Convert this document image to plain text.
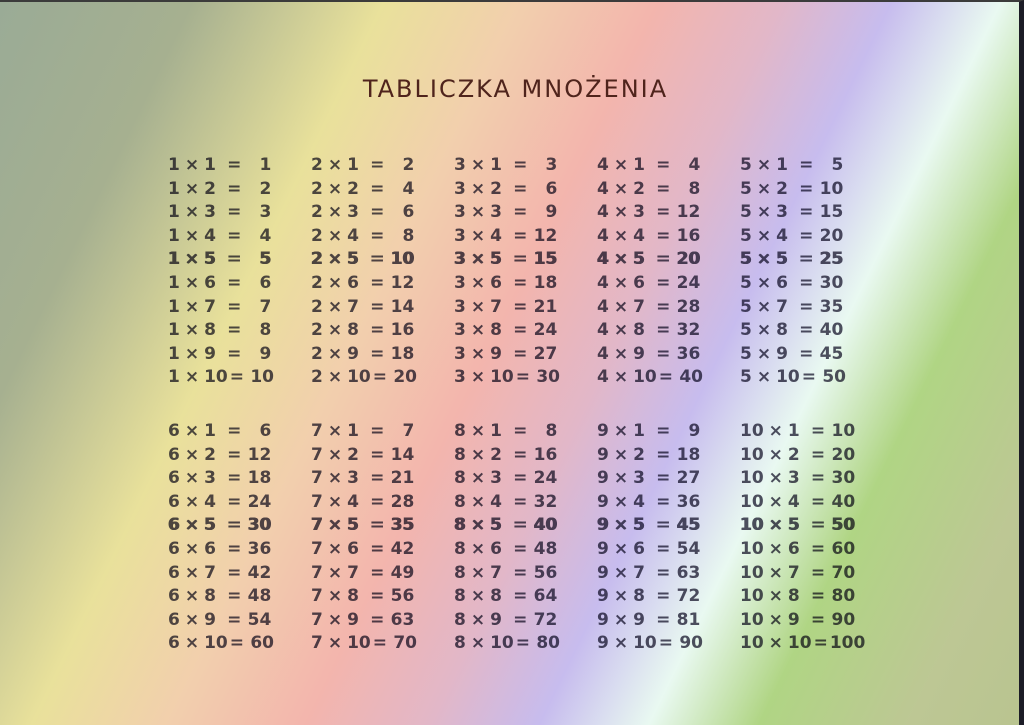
TABLICZKA MNOŻENIA
1 × 1 = 1
1 × 2 = 2
1 × 3 = 3
1 × 4 = 4
1 × 5 = 5
1 × 6 = 6
1 × 7 = 7
1 × 8 = 8
1 × 9 = 9
1 × 10 = 10
2 × 1 = 2
2 × 2 = 4
2 × 3 = 6
2 × 4 = 8
2 × 5 = 10
2 × 6 = 12
2 × 7 = 14
2 × 8 = 16
2 × 9 = 18
2 × 10 = 20
3 × 1 = 3
3 × 2 = 6
3 × 3 = 9
3 × 4 = 12
3 × 5 = 15
3 × 6 = 18
3 × 7 = 21
3 × 8 = 24
3 × 9 = 27
3 × 10 = 30
4 × 1 = 4
4 × 2 = 8
4 × 3 = 12
4 × 4 = 16
4 × 5 = 20
4 × 6 = 24
4 × 7 = 28
4 × 8 = 32
4 × 9 = 36
4 × 10 = 40
5 × 1 = 5
5 × 2 = 10
5 × 3 = 15
5 × 4 = 20
5 × 5 = 25
5 × 6 = 30
5 × 7 = 35
5 × 8 = 40
5 × 9 = 45
5 × 10 = 50
6 × 1 = 6
6 × 2 = 12
6 × 3 = 18
6 × 4 = 24
6 × 5 = 30
6 × 6 = 36
6 × 7 = 42
6 × 8 = 48
6 × 9 = 54
6 × 10 = 60
7 × 1 = 7
7 × 2 = 14
7 × 3 = 21
7 × 4 = 28
7 × 5 = 35
7 × 6 = 42
7 × 7 = 49
7 × 8 = 56
7 × 9 = 63
7 × 10 = 70
8 × 1 = 8
8 × 2 = 16
8 × 3 = 24
8 × 4 = 32
8 × 5 = 40
8 × 6 = 48
8 × 7 = 56
8 × 8 = 64
8 × 9 = 72
8 × 10 = 80
9 × 1 = 9
9 × 2 = 18
9 × 3 = 27
9 × 4 = 36
9 × 5 = 45
9 × 6 = 54
9 × 7 = 63
9 × 8 = 72
9 × 9 = 81
9 × 10 = 90
10 × 1 = 10
10 × 2 = 20
10 × 3 = 30
10 × 4 = 40
10 × 5 = 50
10 × 6 = 60
10 × 7 = 70
10 × 8 = 80
10 × 9 = 90
10 × 10 = 100
